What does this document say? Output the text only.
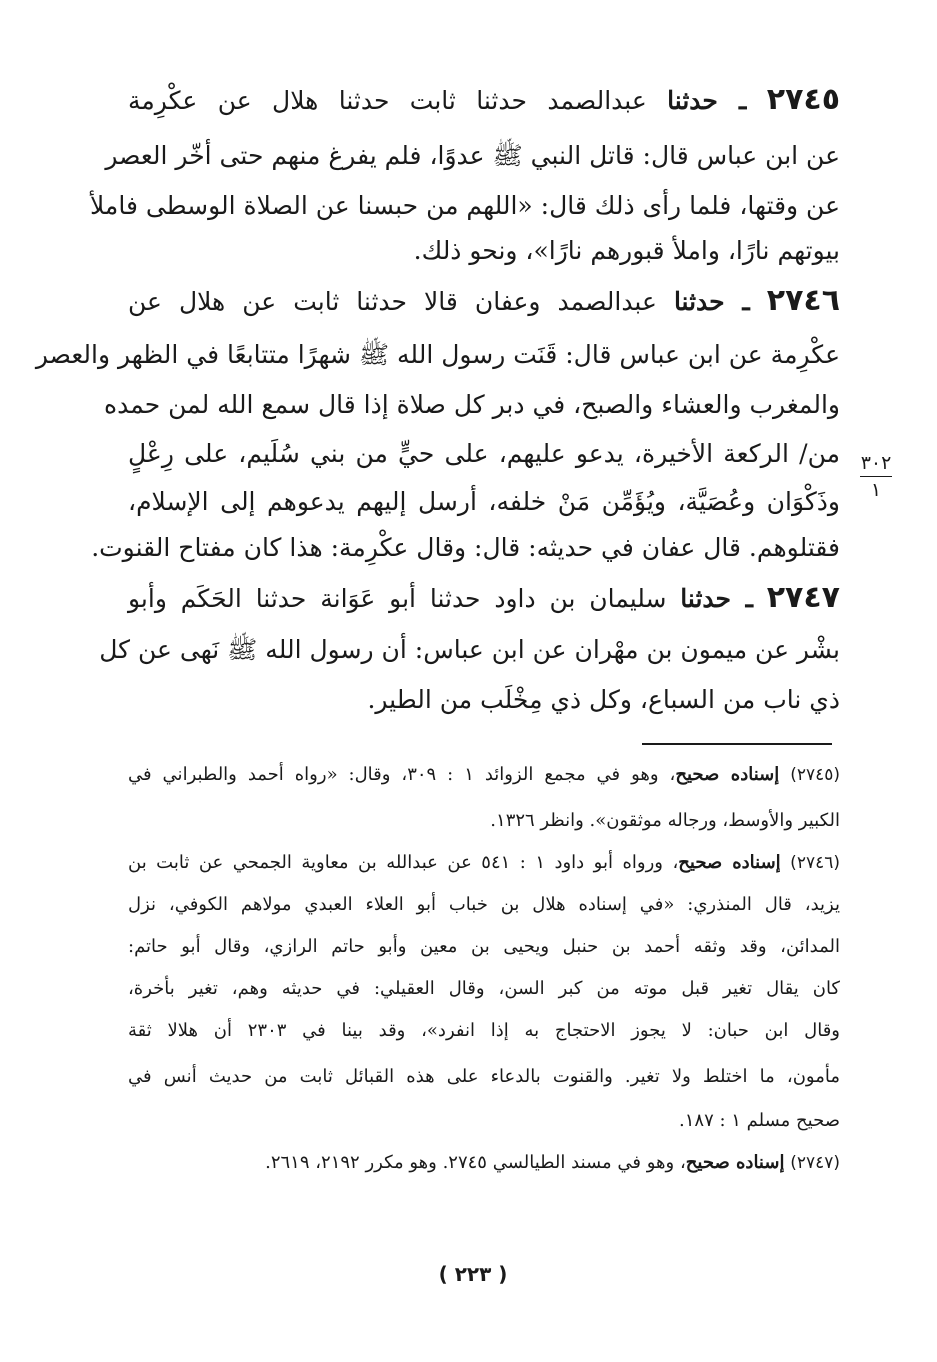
٢٧٤٥ ـ حدثنا عبدالصمد حدثنا ثابت حدثنا هلال عن عكْرِمة
عن ابن عباس قال: قاتل النبي ﷺ عدوًا، فلم يفرغ منهم حتى أخّر العصر
عن وقتها، فلما رأى ذلك قال: «اللهم من حبسنا عن الصلاة الوسطى فاملأ
بيوتهم نارًا، واملأ قبورهم نارًا»، ونحو ذلك.
٢٧٤٦ ـ حدثنا عبدالصمد وعفان قالا حدثنا ثابت عن هلال عن
عكْرِمة عن ابن عباس قال: قَنَت رسول الله ﷺ شهرًا متتابعًا في الظهر والعصر
والمغرب والعشاء والصبح، في دبر كل صلاة إذا قال سمع الله لمن حمده
من/ الركعة الأخيرة، يدعو عليهم، على حيٍّ من بني سُلَيم، على رِعْلٍ
وذَكْوَان وعُصَيَّة، ويُؤَمِّن مَنْ خلفه، أرسل إليهم يدعوهم إلى الإسلام،
فقتلوهم. قال عفان في حديثه: قال: وقال عكْرِمة: هذا كان مفتاح القنوت.
٣٠٢
١
٢٧٤٧ ـ حدثنا سليمان بن داود حدثنا أبو عَوَانة حدثنا الحَكَم وأبو
بشْر عن ميمون بن مهْران عن ابن عباس: أن رسول الله ﷺ نَهى عن كل
ذي ناب من السباع، وكل ذي مِخْلَب من الطير.
(٢٧٤٥) إسناده صحيح، وهو في مجمع الزوائد ١ : ٣٠٩، وقال: «رواه أحمد والطبراني في
الكبير والأوسط، ورجاله موثقون». وانظر ١٣٢٦.
(٢٧٤٦) إسناده صحيح، ورواه أبو داود ١ : ٥٤١ عن عبدالله بن معاوية الجمحي عن ثابت بن
يزيد، قال المنذري: «في إسناده هلال بن خباب أبو العلاء العبدي مولاهم الكوفي، نزل
المدائن، وقد وثقه أحمد بن حنبل ويحيى بن معين وأبو حاتم الرازي، وقال أبو حاتم:
كان يقال تغير قبل موته من كبر السن، وقال العقيلي: في حديثه وهم، تغير بأخرة،
وقال ابن حبان: لا يجوز الاحتجاج به إذا انفرد»، وقد بينا في ٢٣٠٣ أن هلالا ثقة
مأمون، ما اختلط ولا تغير. والقنوت بالدعاء على هذه القبائل ثابت من حديث أنس في
صحيح مسلم ١ : ١٨٧.
(٢٧٤٧) إسناده صحيح، وهو في مسند الطيالسي ٢٧٤٥. وهو مكرر ٢١٩٢، ٢٦١٩.
( ٢٢٣ )
